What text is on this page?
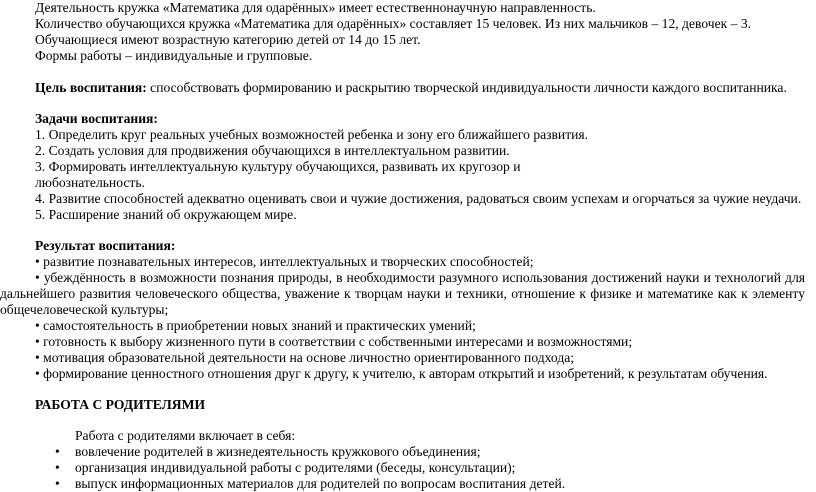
Деятельность кружка «Математика для одарённых» имеет естественнонаучную направленность.
Количество обучающихся кружка «Математика для одарённых» составляет 15 человек. Из них мальчиков – 12, девочек – 3.
Обучающиеся имеют возрастную категорию детей от 14 до 15 лет.
Формы работы – индивидуальные и групповые.
Цель воспитания: способствовать формированию и раскрытию творческой индивидуальности личности каждого воспитанника.
Задачи воспитания:
1. Определить круг реальных учебных возможностей ребенка и зону его ближайшего развития.
2. Создать условия для продвижения обучающихся в интеллектуальном развитии.
3. Формировать интеллектуальную культуру обучающихся, развивать их кругозор и
любознательность.
4. Развитие способностей адекватно оценивать свои и чужие достижения, радоваться своим успехам и огорчаться за чужие неудачи.
5. Расширение знаний об окружающем мире.
Результат воспитания:
• развитие познавательных интересов, интеллектуальных и творческих способностей;
• убеждённость в возможности познания природы, в необходимости разумного использования достижений науки и технологий для
дальнейшего развития человеческого общества, уважение к творцам науки и техники, отношение к физике и математике как к элементу
общечеловеческой культуры;
• самостоятельность в приобретении новых знаний и практических умений;
• готовность к выбору жизненного пути в соответствии с собственными интересами и возможностями;
• мотивация образовательной деятельности на основе личностно ориентированного подхода;
• формирование ценностного отношения друг к другу, к учителю, к авторам открытий и изобретений, к результатам обучения.
РАБОТА С РОДИТЕЛЯМИ
Работа с родителями включает в себя:
• вовлечение родителей в жизнедеятельность кружкового объединения;
• организация индивидуальной работы с родителями (беседы, консультации);
• выпуск информационных материалов для родителей по вопросам воспитания детей.
